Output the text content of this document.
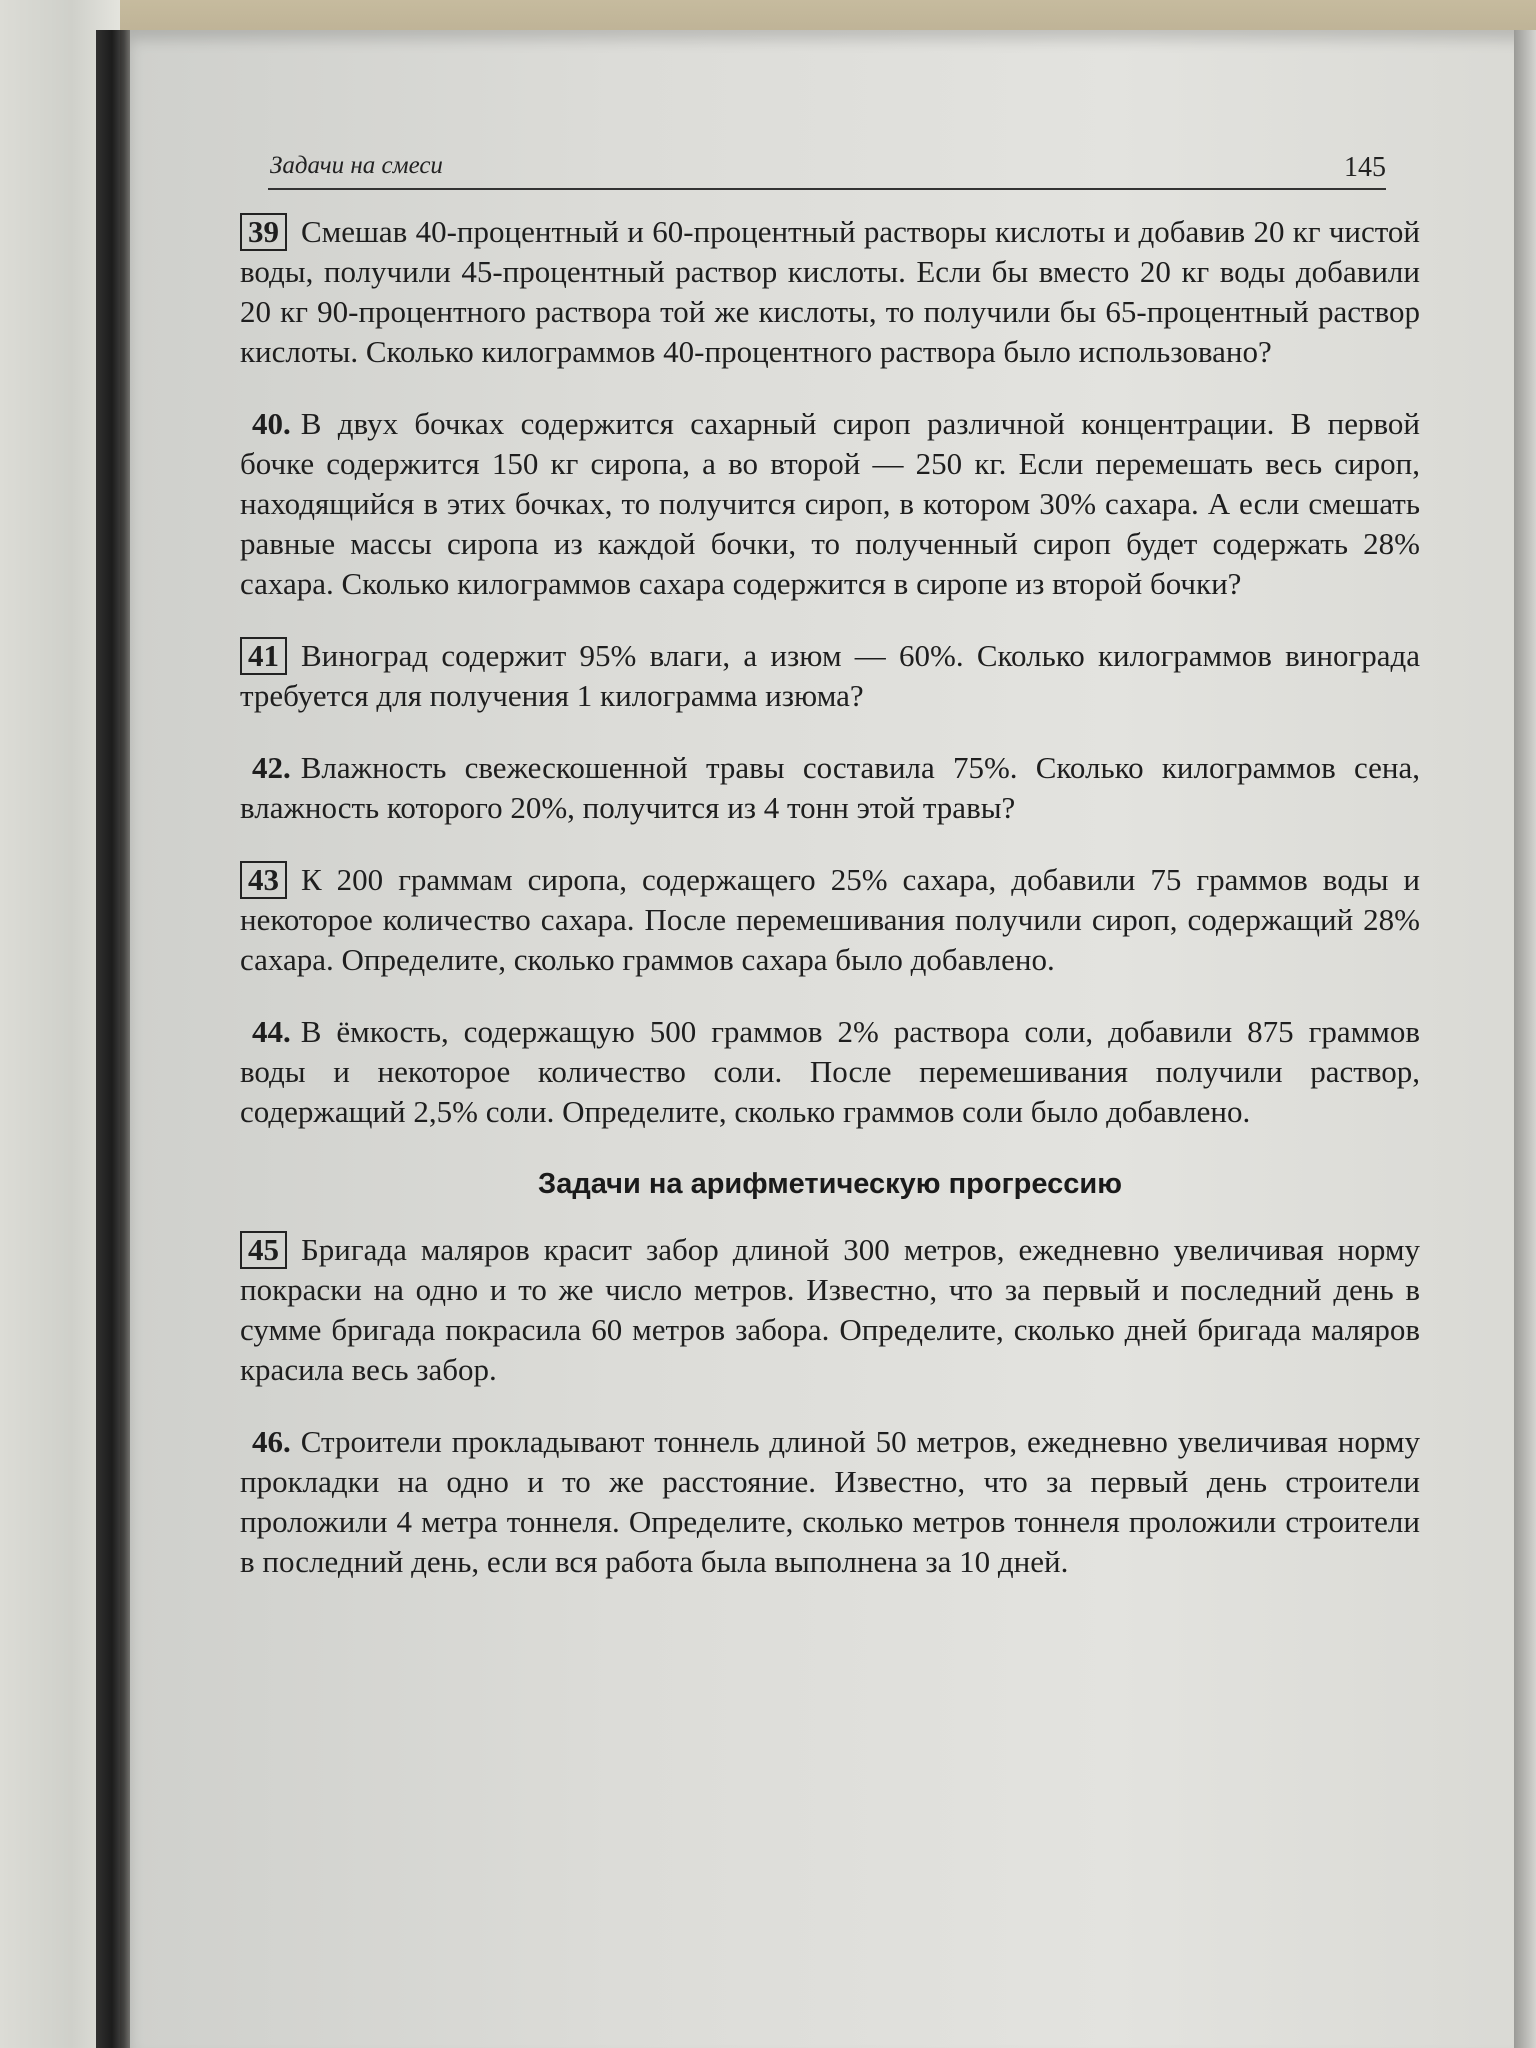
Задачи на смеси	145

39 Смешав 40-процентный и 60-процентный растворы кислоты и добавив 20 кг чистой воды, получили 45-процентный раствор кислоты. Если бы вместо 20 кг воды добавили 20 кг 90-процентного раствора той же кислоты, то получили бы 65-процентный раствор кислоты. Сколько килограммов 40-процентного раствора было использовано?

40. В двух бочках содержится сахарный сироп различной концентрации. В первой бочке содержится 150 кг сиропа, а во второй — 250 кг. Если перемешать весь сироп, находящийся в этих бочках, то получится сироп, в котором 30% сахара. А если смешать равные массы сиропа из каждой бочки, то полученный сироп будет содержать 28% сахара. Сколько килограммов сахара содержится в сиропе из второй бочки?

41 Виноград содержит 95% влаги, а изюм — 60%. Сколько килограммов винограда требуется для получения 1 килограмма изюма?

42. Влажность свежескошенной травы составила 75%. Сколько килограммов сена, влажность которого 20%, получится из 4 тонн этой травы?

43 К 200 граммам сиропа, содержащего 25% сахара, добавили 75 граммов воды и некоторое количество сахара. После перемешивания получили сироп, содержащий 28% сахара. Определите, сколько граммов сахара было добавлено.

44. В ёмкость, содержащую 500 граммов 2% раствора соли, добавили 875 граммов воды и некоторое количество соли. После перемешивания получили раствор, содержащий 2,5% соли. Определите, сколько граммов соли было добавлено.

Задачи на арифметическую прогрессию

45 Бригада маляров красит забор длиной 300 метров, ежедневно увеличивая норму покраски на одно и то же число метров. Известно, что за первый и последний день в сумме бригада покрасила 60 метров забора. Определите, сколько дней бригада маляров красила весь забор.

46. Строители прокладывают тоннель длиной 50 метров, ежедневно увеличивая норму прокладки на одно и то же расстояние. Известно, что за первый день строители проложили 4 метра тоннеля. Определите, сколько метров тоннеля проложили строители в последний день, если вся работа была выполнена за 10 дней.
